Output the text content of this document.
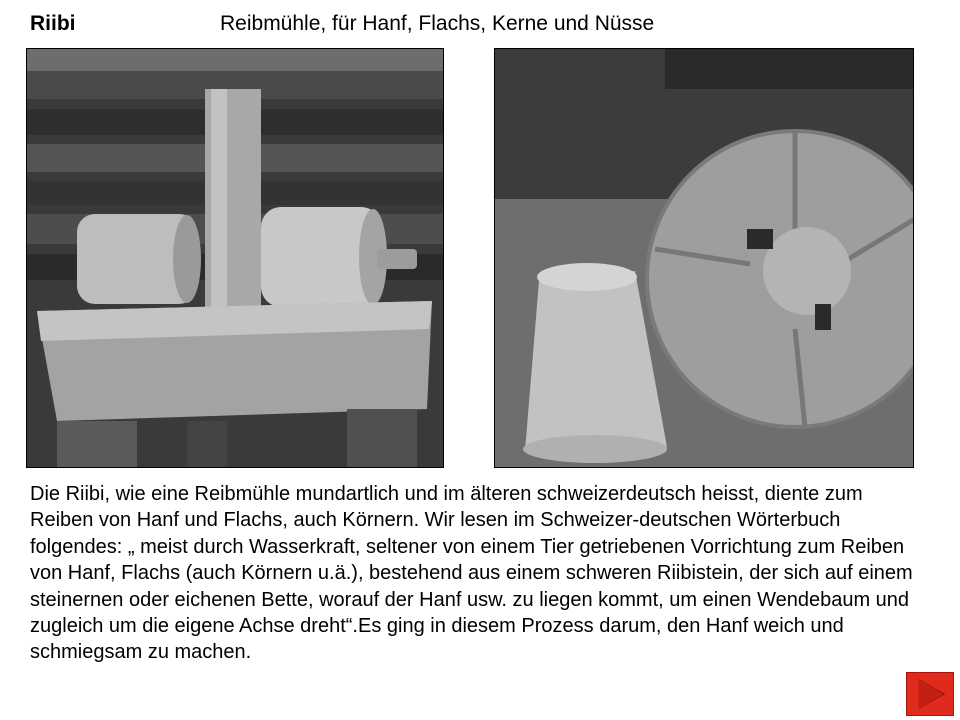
Riibi	Reibmühle, für Hanf, Flachs, Kerne und Nüsse

Die Riibi, wie eine Reibmühle mundartlich und im älteren schweizerdeutsch heisst, diente zum Reiben von Hanf und Flachs, auch Körnern. Wir lesen im Schweizer-deutschen Wörterbuch folgendes: „ meist durch Wasserkraft, seltener von einem Tier getriebenen Vorrichtung zum Reiben von Hanf, Flachs (auch Körnern u.ä.), bestehend aus einem schweren Riibistein, der sich auf einem steinernen oder eichenen Bette, worauf der Hanf usw. zu liegen kommt, um einen Wendebaum und zugleich um die eigene Achse dreht“.Es ging in diesem Prozess darum, den Hanf weich und schmiegsam zu machen.
